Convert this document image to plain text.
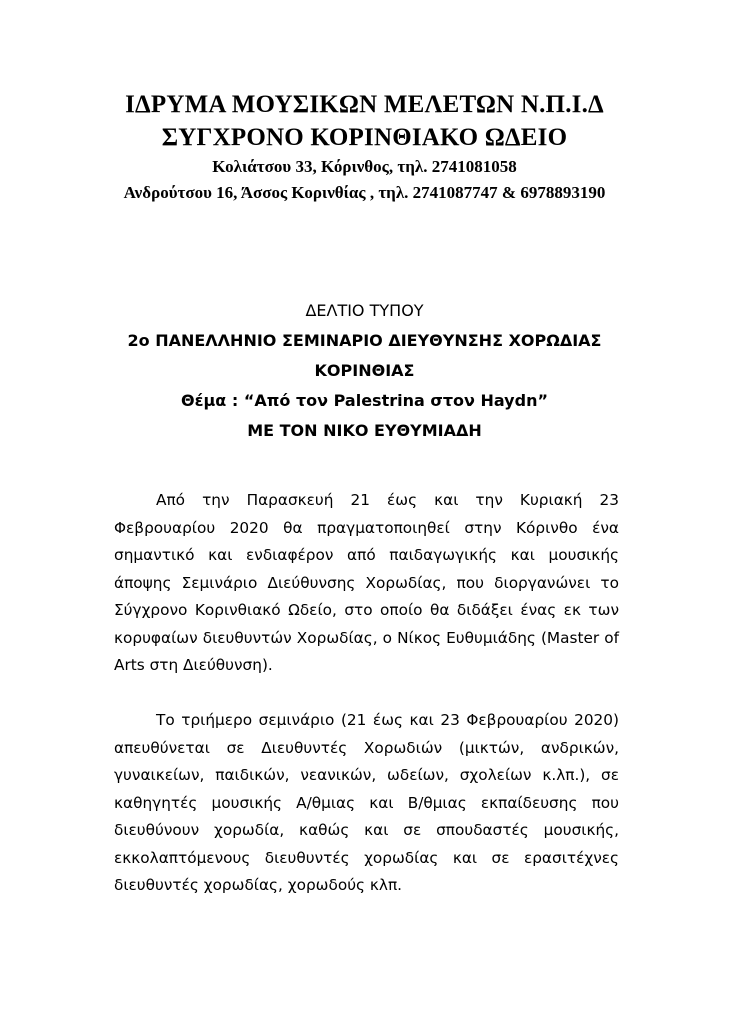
ΙΔΡΥΜΑ ΜΟΥΣΙΚΩΝ ΜΕΛΕΤΩΝ Ν.Π.Ι.Δ
ΣΥΓΧΡΟΝΟ ΚΟΡΙΝΘΙΑΚΟ ΩΔΕΙΟ
Κολιάτσου 33, Κόρινθος, τηλ. 2741081058
Ανδρούτσου 16, Άσσος Κορινθίας , τηλ. 2741087747 & 6978893190
ΔΕΛΤΙΟ ΤΥΠΟΥ
2ο ΠΑΝΕΛΛΗΝΙΟ ΣΕΜΙΝΑΡΙΟ ΔΙΕΥΘΥΝΣΗΣ ΧΟΡΩΔΙΑΣ
ΚΟΡΙΝΘΙΑΣ
Θέμα : “Από τον Palestrina στον Haydn”
ΜΕ ΤΟΝ ΝΙΚΟ ΕΥΘΥΜΙΑΔΗ

Από την Παρασκευή 21 έως και την Κυριακή 23 Φεβρουαρίου 2020 θα πραγματοποιηθεί στην Κόρινθο ένα σημαντικό και ενδιαφέρον από παιδαγωγικής και μουσικής άποψης Σεμινάριο Διεύθυνσης Χορωδίας, που διοργανώνει το Σύγχρονο Κορινθιακό Ωδείο, στο οποίο θα διδάξει ένας εκ των κορυφαίων διευθυντών Χορωδίας, ο Νίκος Ευθυμιάδης (Master of Arts στη Διεύθυνση).

Το τριήμερο σεμινάριο (21 έως και 23 Φεβρουαρίου 2020) απευθύνεται σε Διευθυντές Χορωδιών (μικτών, ανδρικών, γυναικείων, παιδικών, νεανικών, ωδείων, σχολείων κ.λπ.), σε καθηγητές μουσικής Α/θμιας και Β/θμιας εκπαίδευσης που διευθύνουν χορωδία, καθώς και σε σπουδαστές μουσικής, εκκολαπτόμενους διευθυντές χορωδίας και σε ερασιτέχνες διευθυντές χορωδίας, χορωδούς κλπ.
